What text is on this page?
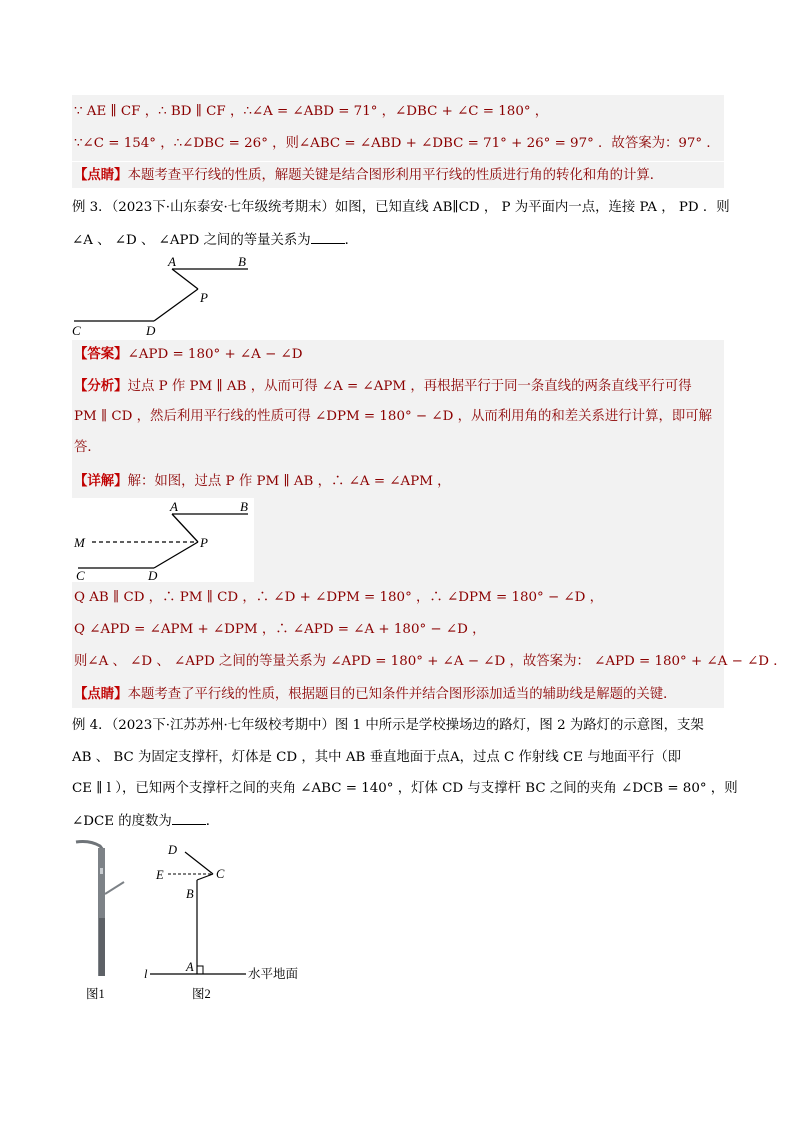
∵ AE ∥ CF ，∴ BD ∥ CF ，∴∠A = ∠ABD = 71° ，∠DBC + ∠C = 180° ，
∵∠C = 154° ，∴∠DBC = 26° ，则∠ABC = ∠ABD + ∠DBC = 71° + 26° = 97° ．故答案为：97° ．
【点睛】本题考查平行线的性质，解题关键是结合图形利用平行线的性质进行角的转化和角的计算．
例 3．（2023下·山东泰安·七年级统考期末）如图，已知直线 AB∥CD ， P 为平面内一点，连接 PA ， PD ．则
∠A 、 ∠D 、 ∠APD 之间的等量关系为	．
A	B
P
C	D
【答案】∠APD = 180° + ∠A − ∠D
【分析】过点 P 作 PM ∥ AB ，从而可得 ∠A = ∠APM ，再根据平行于同一条直线的两条直线平行可得
PM ∥ CD ，然后利用平行线的性质可得 ∠DPM = 180° − ∠D ，从而利用角的和差关系进行计算，即可解
答．
【详解】解：如图，过点 P 作 PM ∥ AB ，∴ ∠A = ∠APM ，
A	B
M	P
C	D
Q AB ∥ CD ，∴ PM ∥ CD ，∴ ∠D + ∠DPM = 180° ，∴ ∠DPM = 180° − ∠D ，
Q ∠APD = ∠APM + ∠DPM ，∴ ∠APD = ∠A + 180° − ∠D ，
则∠A 、 ∠D 、 ∠APD 之间的等量关系为 ∠APD = 180° + ∠A − ∠D ，故答案为： ∠APD = 180° + ∠A − ∠D ．
【点睛】本题考查了平行线的性质，根据题目的已知条件并结合图形添加适当的辅助线是解题的关键．
例 4．（2023下·江苏苏州·七年级校考期中）图 1 中所示是学校操场边的路灯，图 2 为路灯的示意图，支架
AB 、 BC 为固定支撑杆，灯体是 CD ，其中 AB 垂直地面于点A，过点 C 作射线 CE 与地面平行（即
CE ∥ l ），已知两个支撑杆之间的夹角 ∠ABC = 140° ，灯体 CD 与支撑杆 BC 之间的夹角 ∠DCB = 80° ，则
∠DCE 的度数为	．
图1
D
C
E
B
A
l	水平地面
图2
